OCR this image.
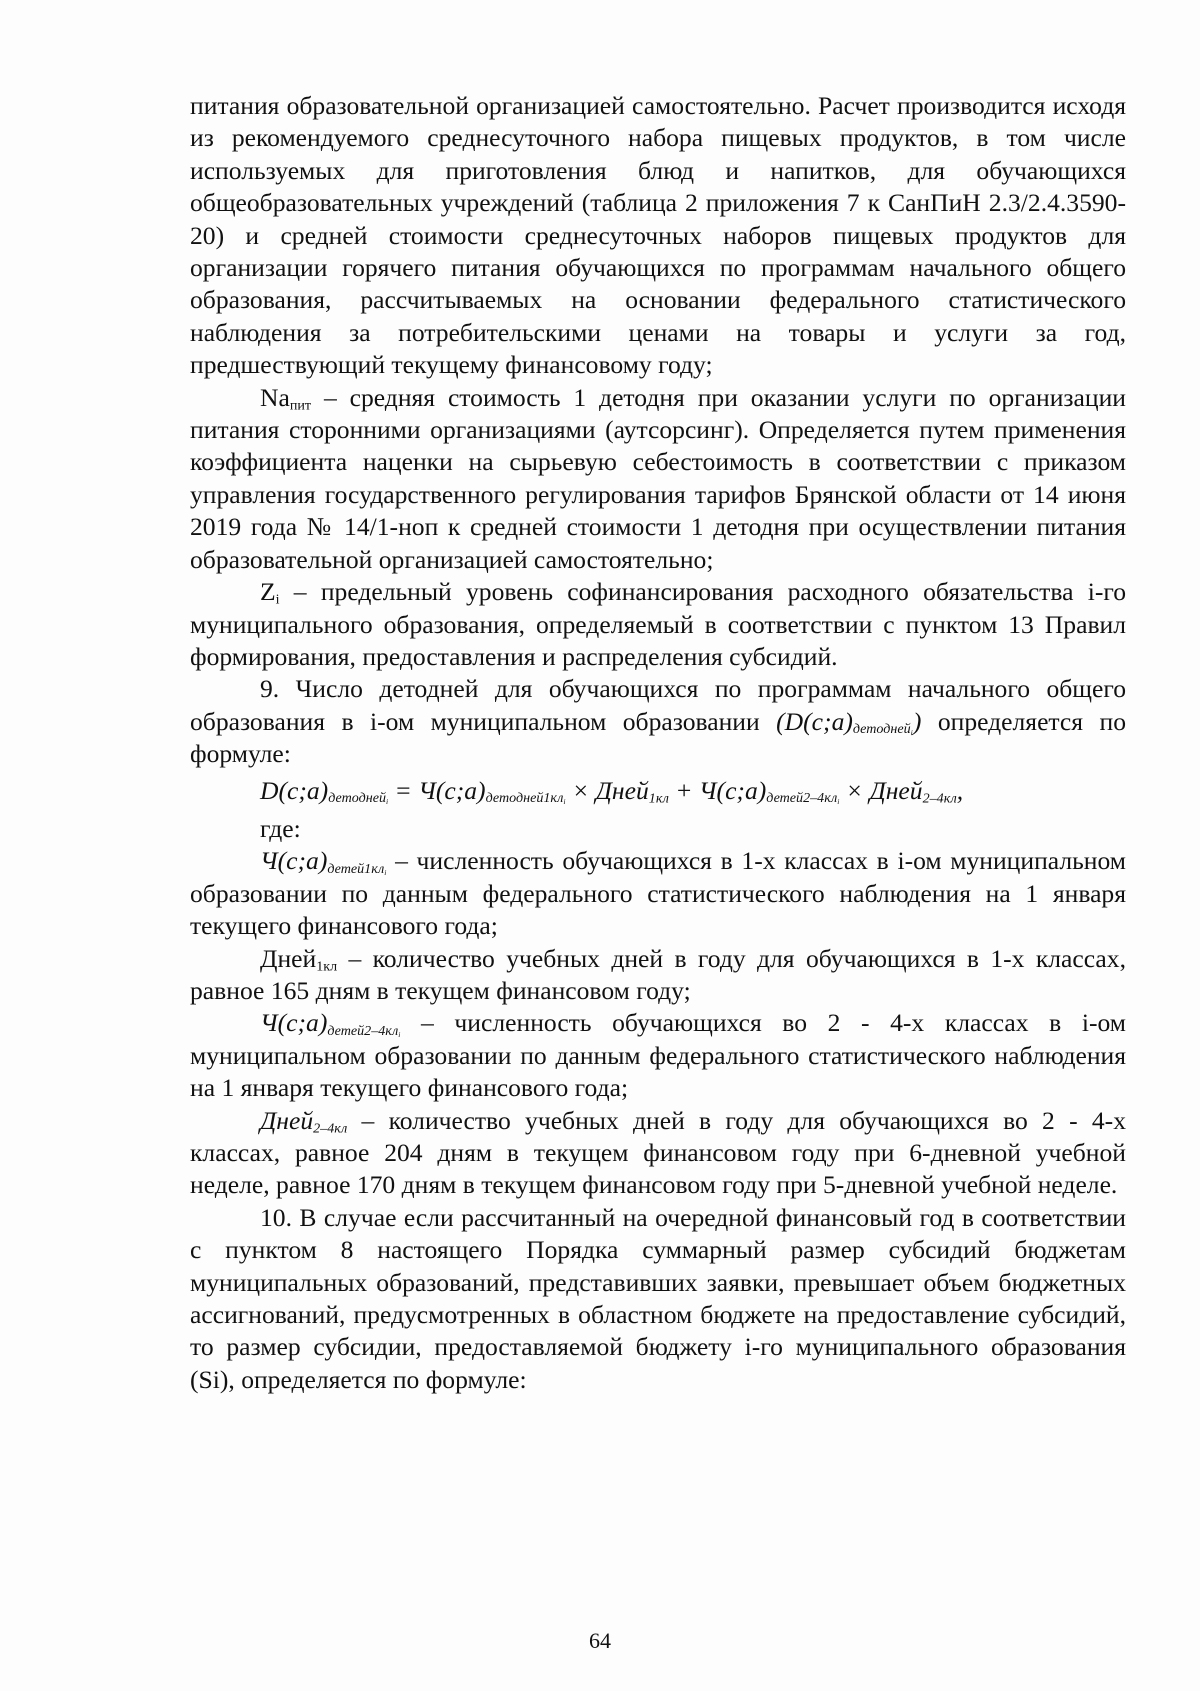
питания образовательной организацией самостоятельно. Расчет производится исходя из рекомендуемого среднесуточного набора пищевых продуктов, в том числе используемых для приготовления блюд и напитков, для обучающихся общеобразовательных учреждений (таблица 2 приложения 7 к СанПиН 2.3/2.4.3590-20) и средней стоимости среднесуточных наборов пищевых продуктов для организации горячего питания обучающихся по программам начального общего образования, рассчитываемых на основании федерального статистического наблюдения за потребительскими ценами на товары и услуги за год, предшествующий текущему финансовому году;

$Na_{пит}$ – средняя стоимость 1 детодня при оказании услуги по организации питания сторонними организациями (аутсорсинг). Определяется путем применения коэффициента наценки на сырьевую себестоимость в соответствии с приказом управления государственного регулирования тарифов Брянской области от 14 июня 2019 года № 14/1-ноп к средней стоимости 1 детодня при осуществлении питания образовательной организацией самостоятельно;

$Z_i$ – предельный уровень софинансирования расходного обязательства i-го муниципального образования, определяемый в соответствии с пунктом 13 Правил формирования, предоставления и распределения субсидий.

9. Число детодней для обучающихся по программам начального общего образования в i-ом муниципальном образовании $(D(c;a)_{детодней_i})$ определяется по формуле:

$D(c;a)_{детодней_i}$ = $Ч(c;a)_{детодней1кл_i}$ × Дней$_{1кл}$ + $Ч(c;a)_{детей2-4кл_i}$ × Дней$_{2-4кл}$,

где:

$Ч(c;a)_{детей1кл_i}$ – численность обучающихся в 1-х классах в i-ом муниципальном образовании по данным федерального статистического наблюдения на 1 января текущего финансового года;

Дней$_{1кл}$ – количество учебных дней в году для обучающихся в 1-х классах, равное 165 дням в текущем финансовом году;

$Ч(c;a)_{детей2-4кл_i}$ – численность обучающихся во 2 - 4-х классах в i-ом муниципальном образовании по данным федерального статистического наблюдения на 1 января текущего финансового года;

Дней$_{2-4кл}$ – количество учебных дней в году для обучающихся во 2 - 4-х классах, равное 204 дням в текущем финансовом году при 6-дневной учебной неделе, равное 170 дням в текущем финансовом году при 5-дневной учебной неделе.

10. В случае если рассчитанный на очередной финансовый год в соответствии с пунктом 8 настоящего Порядка суммарный размер субсидий бюджетам муниципальных образований, представивших заявки, превышает объем бюджетных ассигнований, предусмотренных в областном бюджете на предоставление субсидий, то размер субсидии, предоставляемой бюджету i-го муниципального образования (Si), определяется по формуле:

64
